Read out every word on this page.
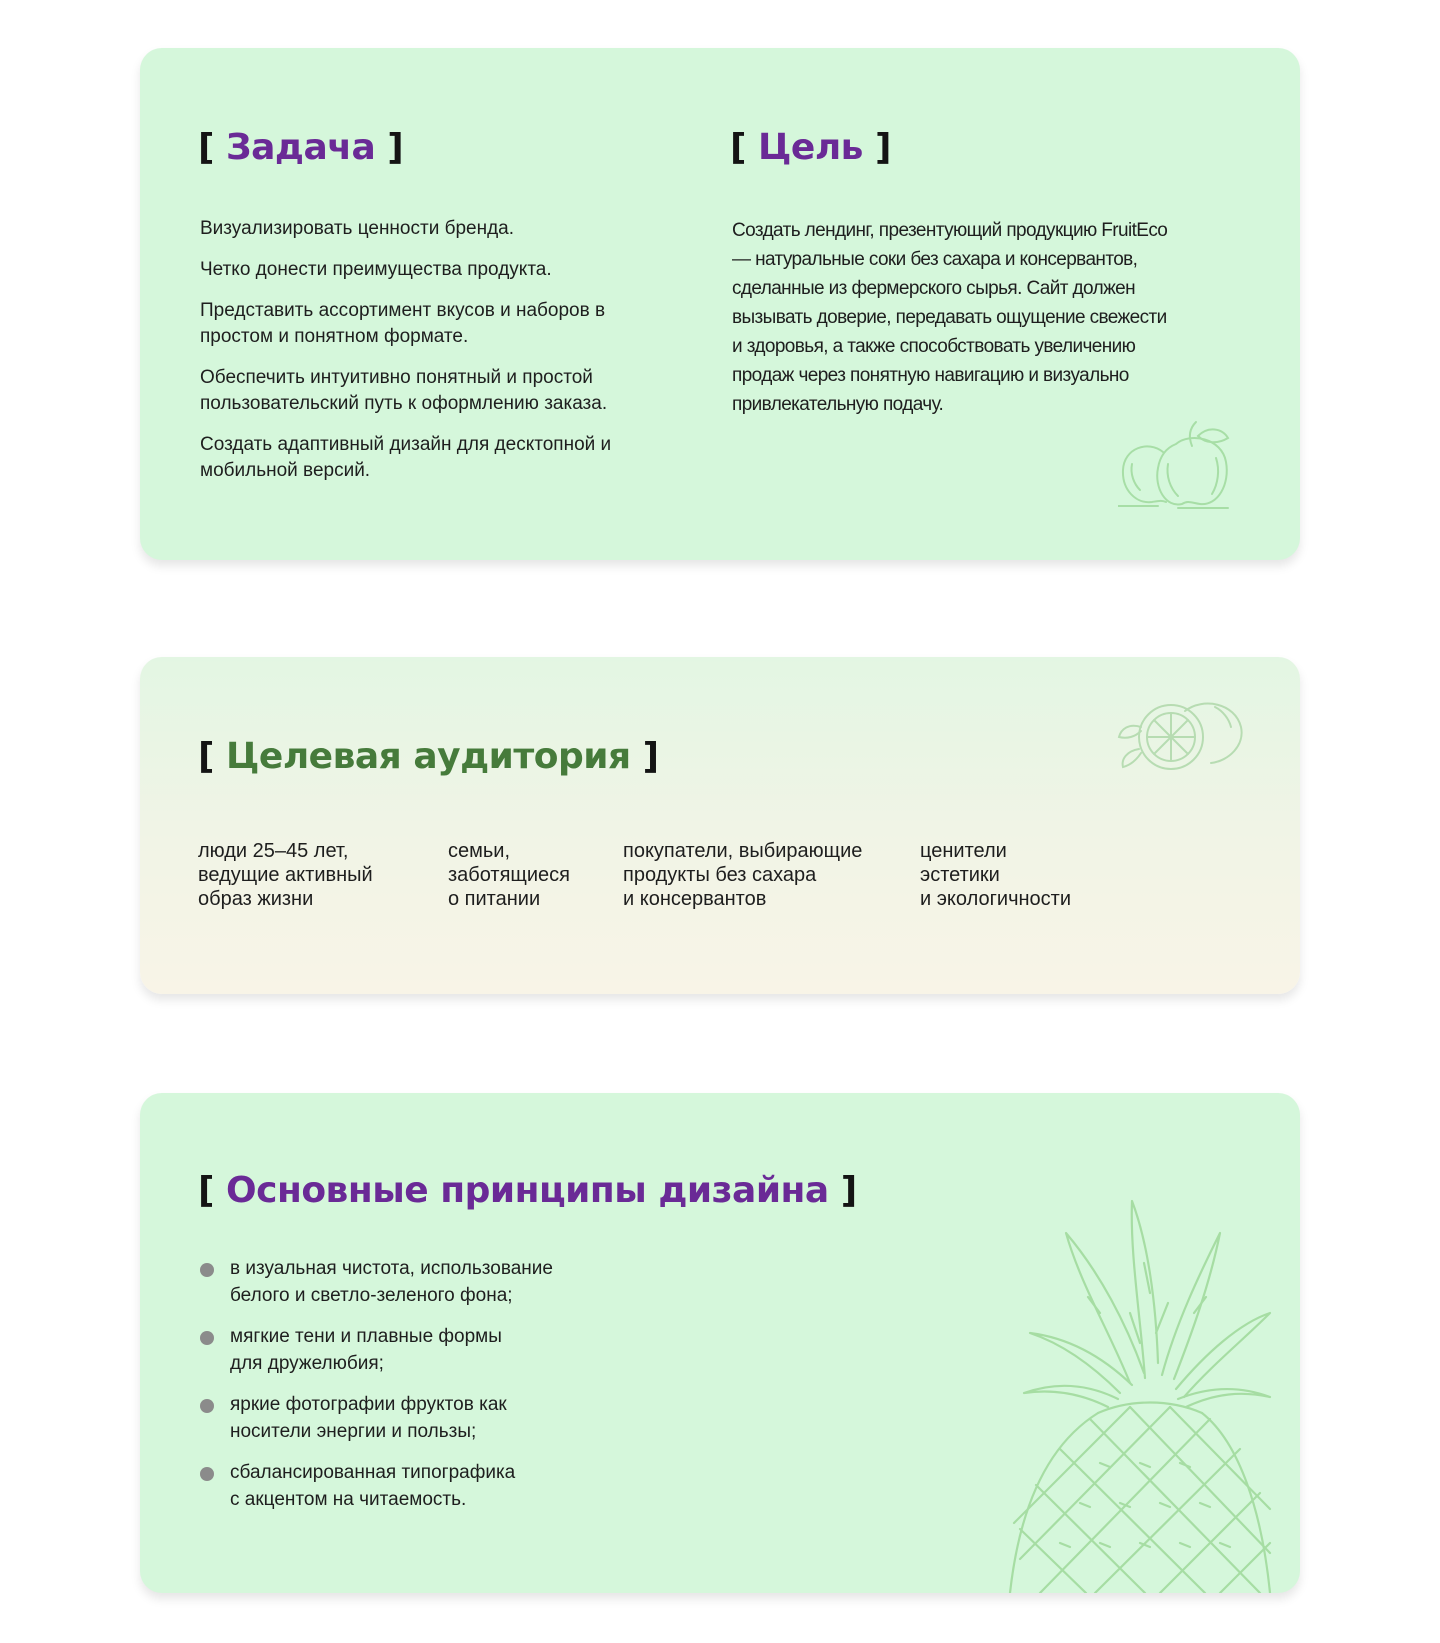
[ Задача ]
Визуализировать ценности бренда.
Четко донести преимущества продукта.
Представить ассортимент вкусов и наборов в простом и понятном формате.
Обеспечить интуитивно понятный и простой пользовательский путь к оформлению заказа.
Создать адаптивный дизайн для десктопной и мобильной версий.
[ Цель ]

Создать лендинг, презентующий продукцию FruitEco — натуральные соки без сахара и консервантов, сделанные из фермерского сырья. Сайт должен вызывать доверие, передавать ощущение свежести и здоровья, а также способствовать увеличению продаж через понятную навигацию и визуально привлекательную подачу.

[ Целевая аудитория ]
люди 25–45 лет,
ведущие активный
образ жизни
семьи,
заботящиеся
о питании
покупатели, выбирающие
продукты без сахара
и консервантов
ценители
эстетики
и экологичности
[ Основные принципы дизайна ]
в изуальная чистота, использование
белого и светло-зеленого фона;
мягкие тени и плавные формы
для дружелюбия;
яркие фотографии фруктов как
носители энергии и пользы;
сбалансированная типографика
с акцентом на читаемость.
